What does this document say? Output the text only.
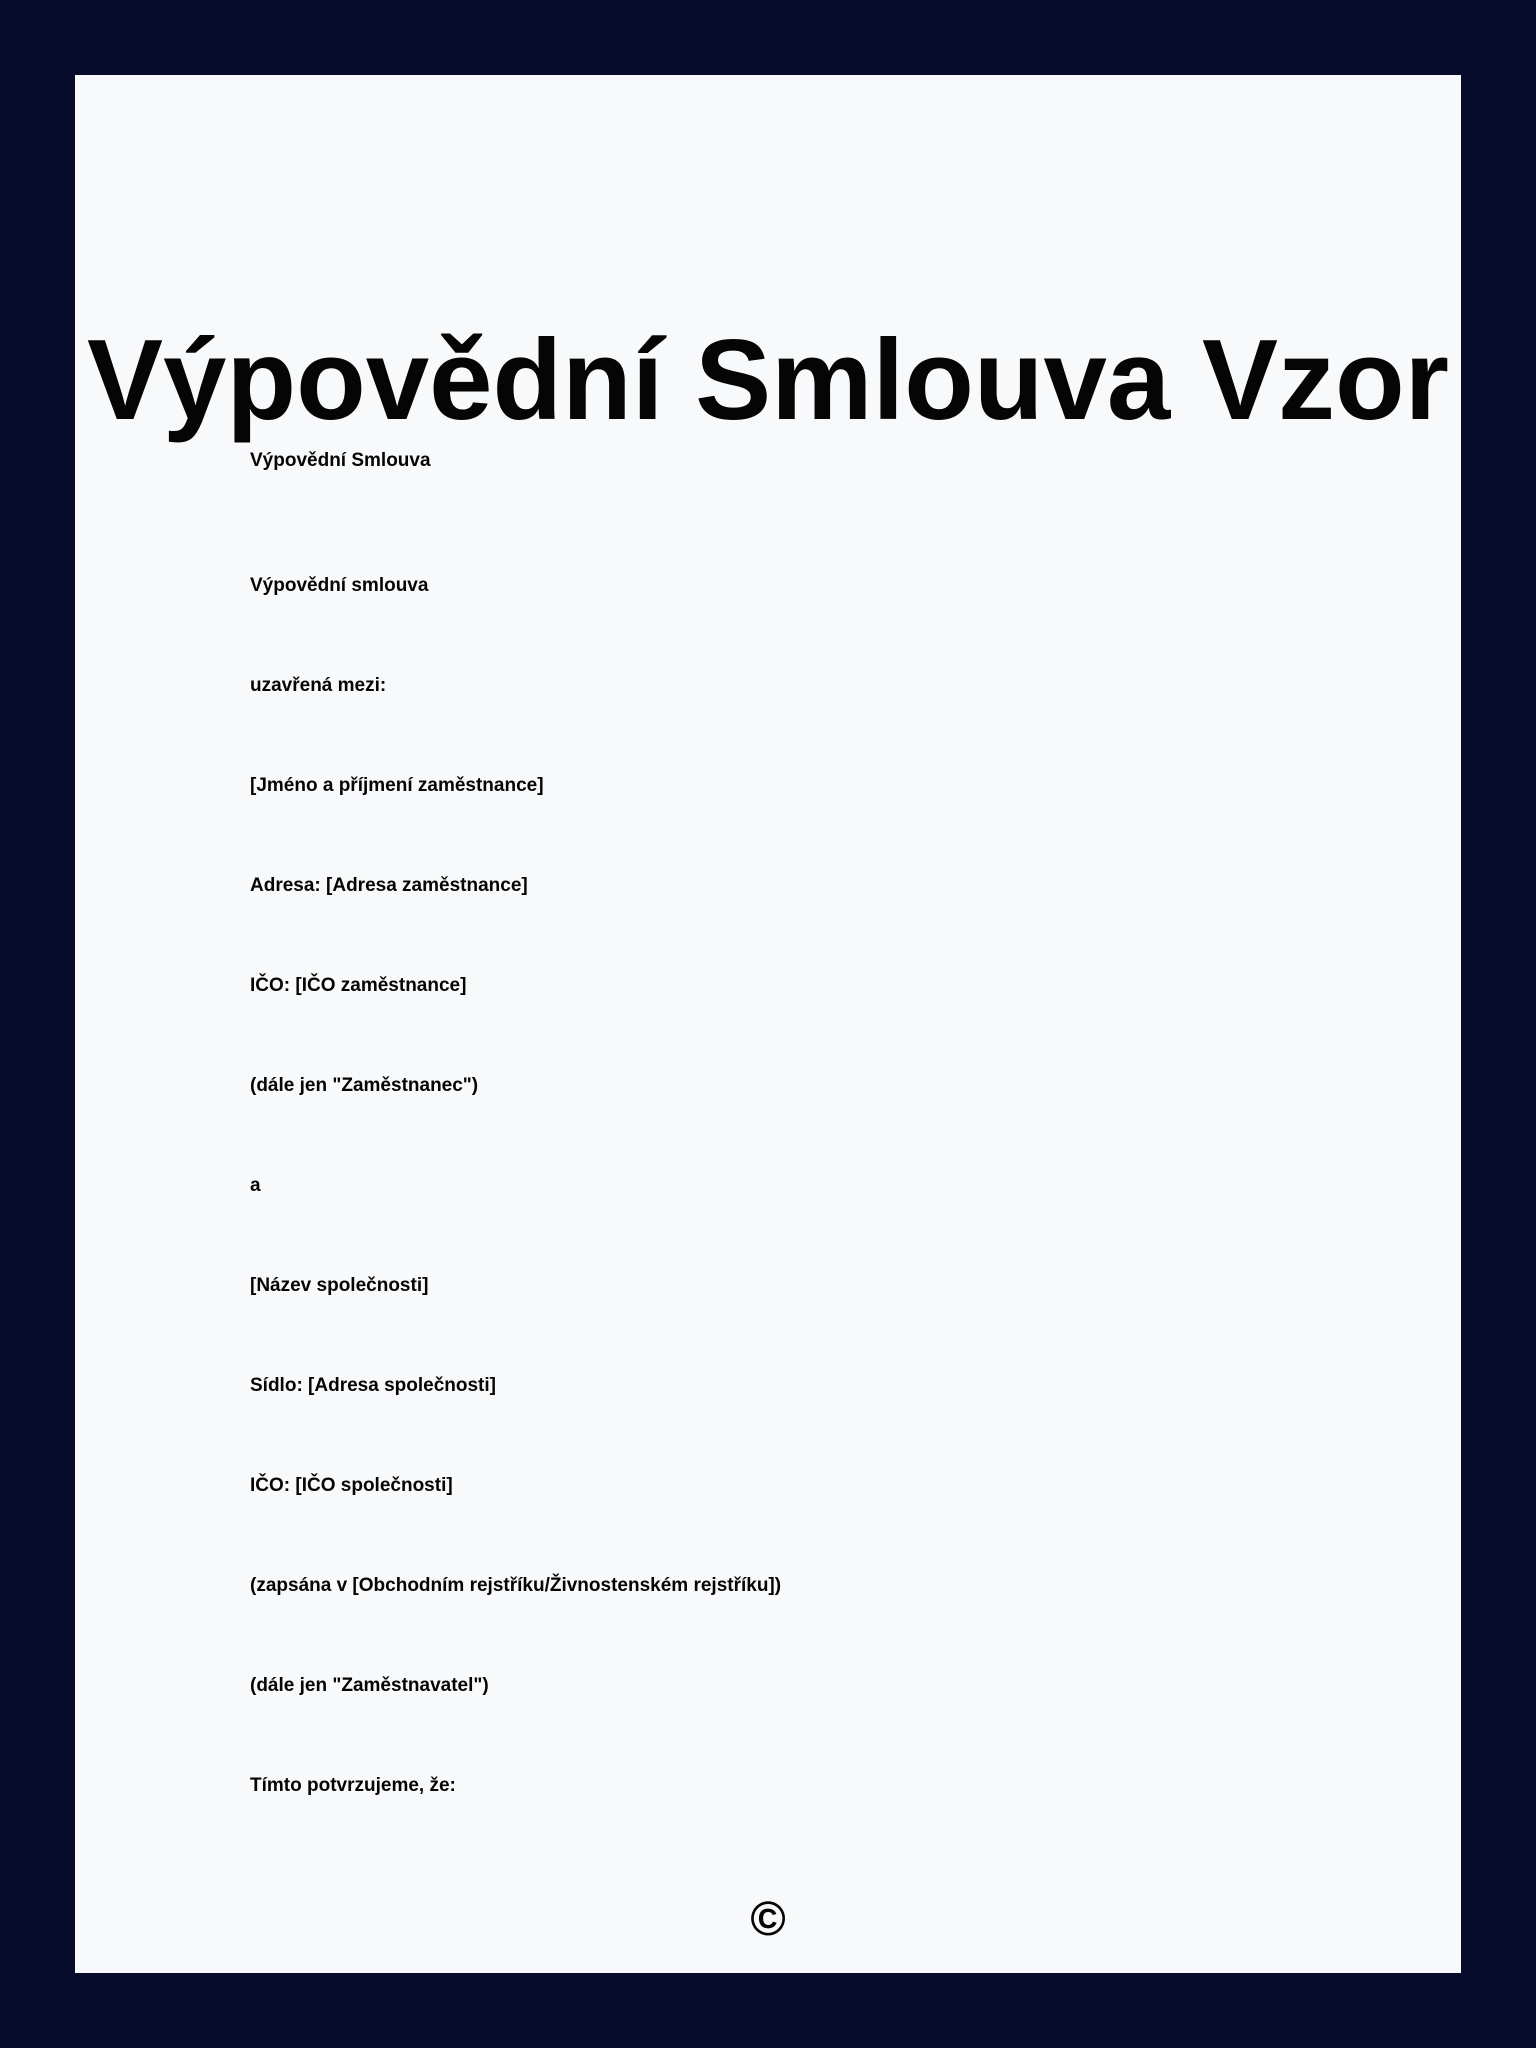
Výpovědní Smlouva Vzor

Výpovědní Smlouva

Výpovědní smlouva
uzavřená mezi:
[Jméno a příjmení zaměstnance]
Adresa: [Adresa zaměstnance]
IČO: [IČO zaměstnance]
(dále jen "Zaměstnanec")
a
[Název společnosti]
Sídlo: [Adresa společnosti]
IČO: [IČO společnosti]
(zapsána v [Obchodním rejstříku/Živnostenském rejstříku])
(dále jen "Zaměstnavatel")
Tímto potvrzujeme, že:
©
